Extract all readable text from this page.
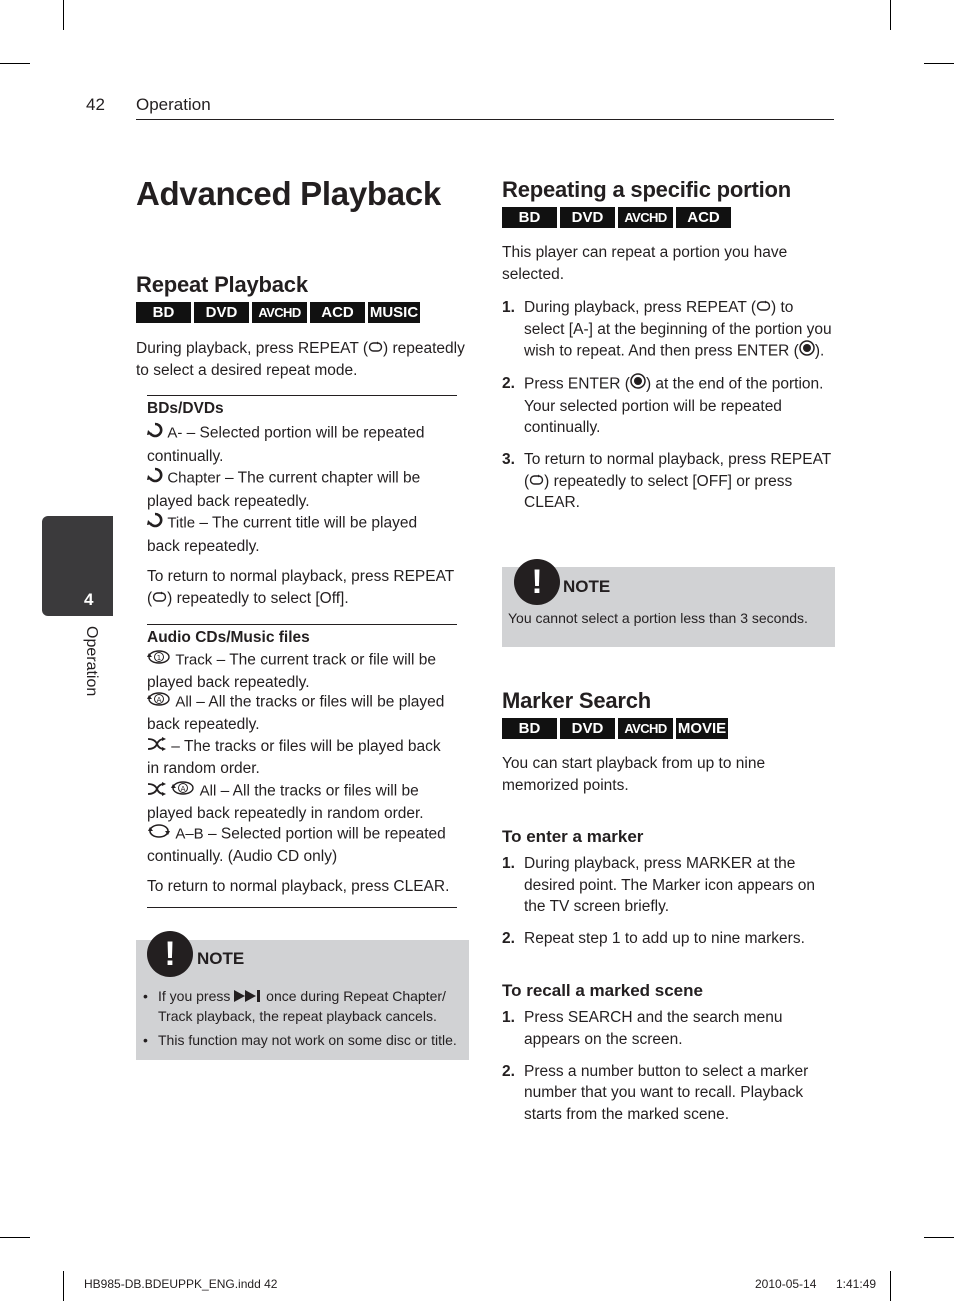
42 Operation
4
Operation
Advanced Playback
Repeat Playback
BD	DVD	AVCHD	ACD	MUSIC

During playback, press REPEAT ( ) repeatedly to select a desired repeat mode.

BDs/DVDs
A- – Selected portion will be repeated continually.
Chapter – The current chapter will be played back repeatedly.
Title – The current title will be played back repeatedly.
To return to normal playback, press REPEAT ( ) repeatedly to select [Off].
Audio CDs/Music files
1 Track – The current track or file will be played back repeatedly.
A All – All the tracks or files will be played back repeatedly.
– The tracks or files will be played back in random order.

A All – All the tracks or files will be played back repeatedly in random order.
A–B – Selected portion will be repeated continually. (Audio CD only)
To return to normal playback, press CLEAR.
!	NOTE
• If you press  once during Repeat Chapter/ Track playback, the repeat playback cancels.
• This function may not work on some disc or title.
Repeating a specific portion
BD	DVD	AVCHD	ACD

This player can repeat a portion you have selected.

1. During playback, press REPEAT ( ) to select [A-] at the beginning of the portion you wish to repeat. And then press ENTER ( ).
2. Press ENTER ( ) at the end of the portion. Your selected portion will be repeated continually.
3. To return to normal playback, press REPEAT ( ) repeatedly to select [OFF] or press CLEAR.
!	NOTE
You cannot select a portion less than 3 seconds.
Marker Search
BD	DVD	AVCHD MOVIE

You can start playback from up to nine memorized points.

To enter a marker
1. During playback, press MARKER at the desired point. The Marker icon appears on the TV screen briefly.
2. Repeat step 1 to add up to nine markers.
To recall a marked scene
1. Press SEARCH and the search menu appears on the screen.
2. Press a number button to select a marker number that you want to recall. Playback starts from the marked scene.
HB985-DB.BDEUPPK_ENG.indd 42	2010-05-14 1:41:49
